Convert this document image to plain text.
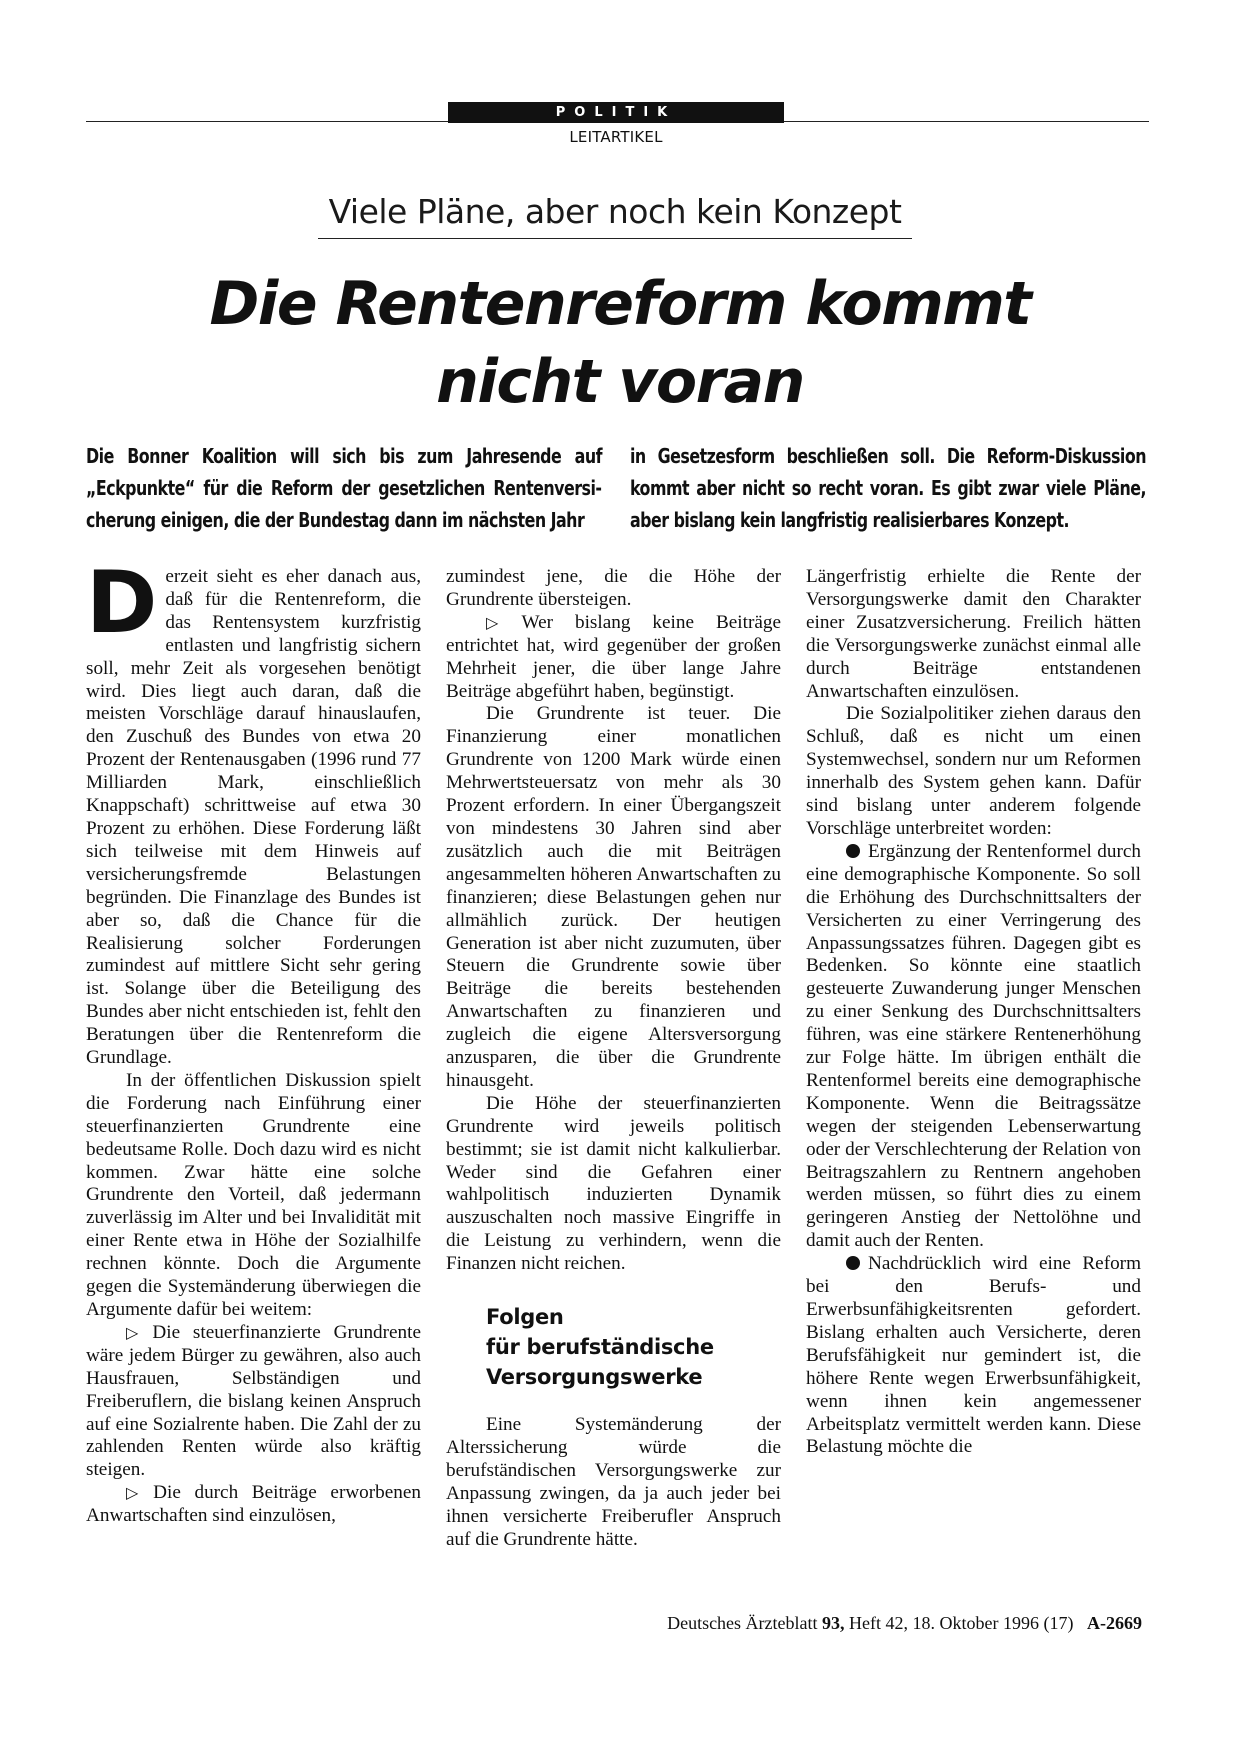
POLITIK
LEITARTIKEL
Viele Pläne, aber noch kein Konzept
Die Rentenreform kommt
nicht voran
Die Bonner Koalition will sich bis zum Jahresende auf „Eckpunkte“ für die Reform der gesetzlichen Rentenversicherung einigen, die der Bundestag dann im nächsten Jahr
in Gesetzesform beschließen soll. Die Reform-Diskussion kommt aber nicht so recht voran. Es gibt zwar viele Pläne, aber bislang kein langfristig realisierbares Konzept.

Derzeit sieht es eher danach aus, daß für die Rentenreform, die das Rentensystem kurzfristig entlasten und langfristig sichern soll, mehr Zeit als vorgesehen benötigt wird. Dies liegt auch daran, daß die meisten Vorschläge darauf hinauslaufen, den Zuschuß des Bundes von etwa 20 Prozent der Rentenausgaben (1996 rund 77 Milliarden Mark, einschließlich Knappschaft) schrittweise auf etwa 30 Prozent zu erhöhen. Diese Forderung läßt sich teilweise mit dem Hinweis auf versicherungsfremde Belastungen begründen. Die Finanzlage des Bundes ist aber so, daß die Chance für die Realisierung solcher Forderungen zumindest auf mittlere Sicht sehr gering ist. Solange über die Beteiligung des Bundes aber nicht entschieden ist, fehlt den Beratungen über die Rentenreform die Grundlage.

In der öffentlichen Diskussion spielt die Forderung nach Einführung einer steuerfinanzierten Grundrente eine bedeutsame Rolle. Doch dazu wird es nicht kommen. Zwar hätte eine solche Grundrente den Vorteil, daß jedermann zuverlässig im Alter und bei Invalidität mit einer Rente etwa in Höhe der Sozialhilfe rechnen könnte. Doch die Argumente gegen die Systemänderung überwiegen die Argumente dafür bei weitem:

▷ Die steuerfinanzierte Grundrente wäre jedem Bürger zu gewähren, also auch Hausfrauen, Selbständigen und Freiberuflern, die bislang keinen Anspruch auf eine Sozialrente haben. Die Zahl der zu zahlenden Renten würde also kräftig steigen.

▷ Die durch Beiträge erworbenen Anwartschaften sind einzulösen,

zumindest jene, die die Höhe der Grundrente übersteigen.

▷ Wer bislang keine Beiträge entrichtet hat, wird gegenüber der großen Mehrheit jener, die über lange Jahre Beiträge abgeführt haben, begünstigt.

Die Grundrente ist teuer. Die Finanzierung einer monatlichen Grundrente von 1200 Mark würde einen Mehrwertsteuersatz von mehr als 30 Prozent erfordern. In einer Übergangszeit von mindestens 30 Jahren sind aber zusätzlich auch die mit Beiträgen angesammelten höheren Anwartschaften zu finanzieren; diese Belastungen gehen nur allmählich zurück. Der heutigen Generation ist aber nicht zuzumuten, über Steuern die Grundrente sowie über Beiträge die bereits bestehenden Anwartschaften zu finanzieren und zugleich die eigene Altersversorgung anzusparen, die über die Grundrente hinausgeht.

Die Höhe der steuerfinanzierten Grundrente wird jeweils politisch bestimmt; sie ist damit nicht kalkulierbar. Weder sind die Gefahren einer wahlpolitisch induzierten Dynamik auszuschalten noch massive Eingriffe in die Leistung zu verhindern, wenn die Finanzen nicht reichen.

Folgen
für berufständische
Versorgungswerke

Eine Systemänderung der Alterssicherung würde die berufständischen Versorgungswerke zur Anpassung zwingen, da ja auch jeder bei ihnen versicherte Freiberufler Anspruch auf die Grundrente hätte.

Längerfristig erhielte die Rente der Versorgungswerke damit den Charakter einer Zusatzversicherung. Freilich hätten die Versorgungswerke zunächst einmal alle durch Beiträge entstandenen Anwartschaften einzulösen.

Die Sozialpolitiker ziehen daraus den Schluß, daß es nicht um einen Systemwechsel, sondern nur um Reformen innerhalb des System gehen kann. Dafür sind bislang unter anderem folgende Vorschläge unterbreitet worden:

Ergänzung der Rentenformel durch eine demographische Komponente. So soll die Erhöhung des Durchschnittsalters der Versicherten zu einer Verringerung des Anpassungssatzes führen. Dagegen gibt es Bedenken. So könnte eine staatlich gesteuerte Zuwanderung junger Menschen zu einer Senkung des Durchschnittsalters führen, was eine stärkere Rentenerhöhung zur Folge hätte. Im übrigen enthält die Rentenformel bereits eine demographische Komponente. Wenn die Beitragssätze wegen der steigenden Lebenserwartung oder der Verschlechterung der Relation von Beitragszahlern zu Rentnern angehoben werden müssen, so führt dies zu einem geringeren Anstieg der Nettolöhne und damit auch der Renten.

Nachdrücklich wird eine Reform bei den Berufs- und Erwerbsunfähigkeitsrenten gefordert. Bislang erhalten auch Versicherte, deren Berufsfähigkeit nur gemindert ist, die höhere Rente wegen Erwerbsunfähigkeit, wenn ihnen kein angemessener Arbeitsplatz vermittelt werden kann. Diese Belastung möchte die

Deutsches Ärzteblatt 93, Heft 42, 18. Oktober 1996 (17) A-2669
